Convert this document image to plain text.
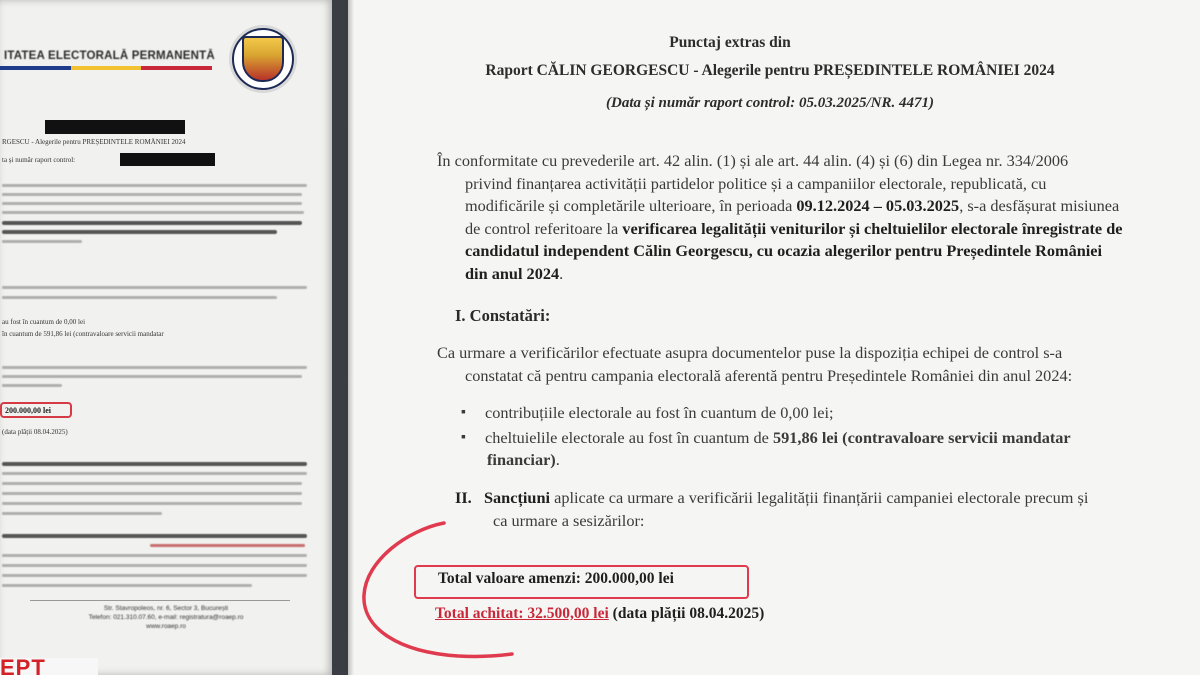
ITATEA ELECTORALĂ PERMANENTĂ
RGESCU - Alegerile pentru PREȘEDINTELE ROMÂNIEI 2024
ta și număr raport control:
au fost în cuantum de 0,00 lei
în cuantum de 591,86 lei (contravaloare servicii mandatar
200.000,00 lei
(data plății 08.04.2025)
Str. Stavropoleos, nr. 6, Sector 3, București
Telefon: 021.310.07.60, e-mail: registratura@roaep.ro
www.roaep.ro
EPT
Punctaj extras din
Raport CĂLIN GEORGESCU - Alegerile pentru PREȘEDINTELE ROMÂNIEI 2024
(Data și număr raport control: 05.03.2025/NR. 4471)
În conformitate cu prevederile art. 42 alin. (1) și ale art. 44 alin. (4) și (6) din Legea nr. 334/2006
privind finanțarea activității partidelor politice și a campaniilor electorale, republicată, cu
modificările și completările ulterioare, în perioada 09.12.2024 – 05.03.2025, s-a desfășurat misiunea
de control referitoare la verificarea legalității veniturilor și cheltuielilor electorale înregistrate de
candidatul independent Călin Georgescu, cu ocazia alegerilor pentru Președintele României
din anul 2024.
I. Constatări:
Ca urmare a verificărilor efectuate asupra documentelor puse la dispoziția echipei de control s-a
constatat că pentru campania electorală aferentă pentru Președintele României din anul 2024:
▪ contribuțiile electorale au fost în cuantum de 0,00 lei;
▪ cheltuielile electorale au fost în cuantum de 591,86 lei (contravaloare servicii mandatar
financiar).
II. Sancțiuni aplicate ca urmare a verificării legalității finanțării campaniei electorale precum și
ca urmare a sesizărilor:
Total valoare amenzi: 200.000,00 lei
Total achitat: 32.500,00 lei (data plății 08.04.2025)
